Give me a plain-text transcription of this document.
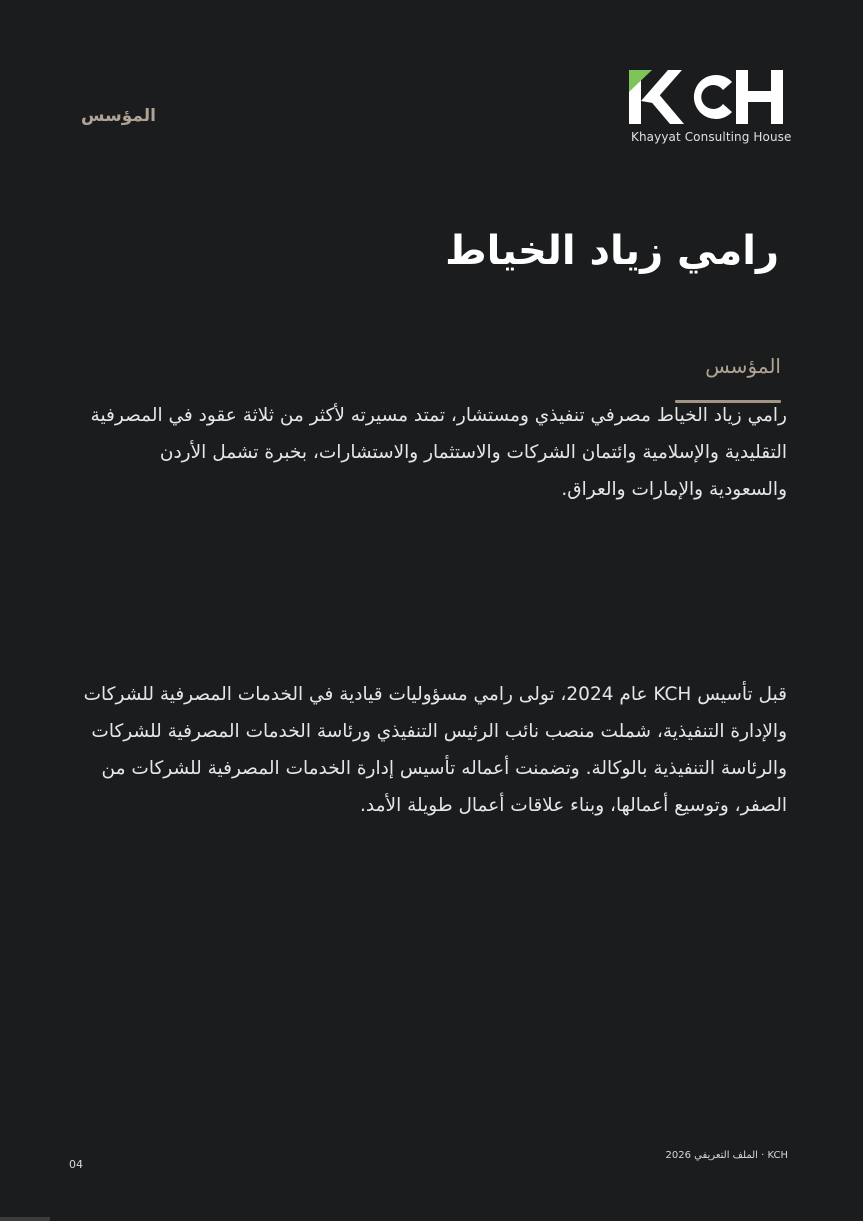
المؤسس
Khayyat Consulting House
رامي زياد الخياط
المؤسس
رامي زياد الخياط مصرفي تنفيذي ومستشار، تمتد مسيرته لأكثر من ثلاثة عقود في المصرفية التقليدية والإسلامية وائتمان الشركات والاستثمار والاستشارات، بخبرة تشمل الأردن والسعودية والإمارات والعراق.
قبل تأسيس KCH عام 2024، تولى رامي مسؤوليات قيادية في الخدمات المصرفية للشركات والإدارة التنفيذية، شملت منصب نائب الرئيس التنفيذي ورئاسة الخدمات المصرفية للشركات والرئاسة التنفيذية بالوكالة. وتضمنت أعماله تأسيس إدارة الخدمات المصرفية للشركات من الصفر، وتوسيع أعمالها، وبناء علاقات أعمال طويلة الأمد.
04
KCH · الملف التعريفي 2026
